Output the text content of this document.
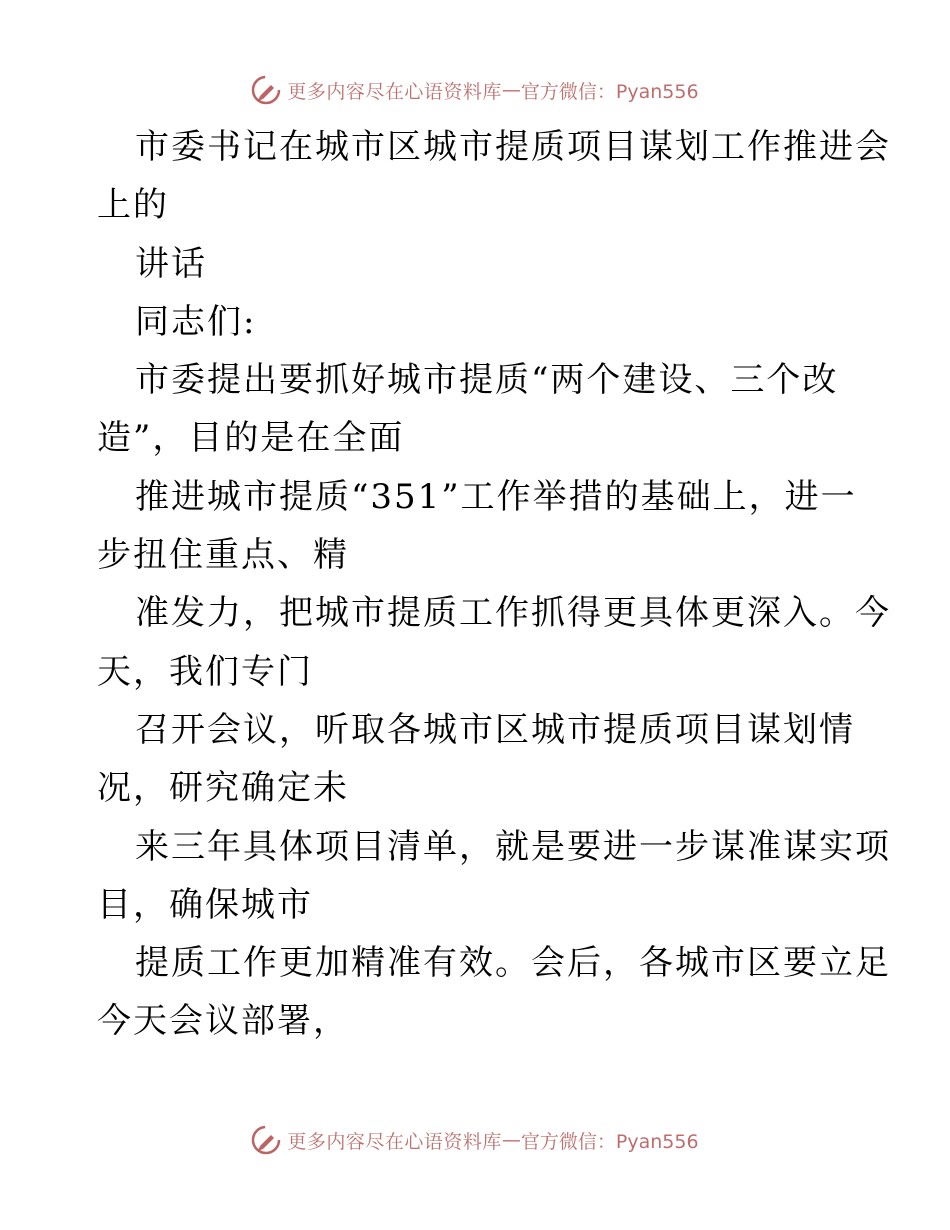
更多内容尽在心语资料库 — 官方微信：Pyan556
市委书记在城市区城市提质项目谋划工作推进会
上的
讲话
同志们:
市委提出要抓好城市提质“两个建设、三个改
造”，目的是在全面
推进城市提质“351”工作举措的基础上，进一
步扭住重点、精
准发力，把城市提质工作抓得更具体更深入。今
天，我们专门
召开会议，听取各城市区城市提质项目谋划情
况，研究确定未
来三年具体项目清单，就是要进一步谋准谋实项
目，确保城市
提质工作更加精准有效。会后，各城市区要立足
今天会议部署，
更多内容尽在心语资料库 — 官方微信：Pyan556
